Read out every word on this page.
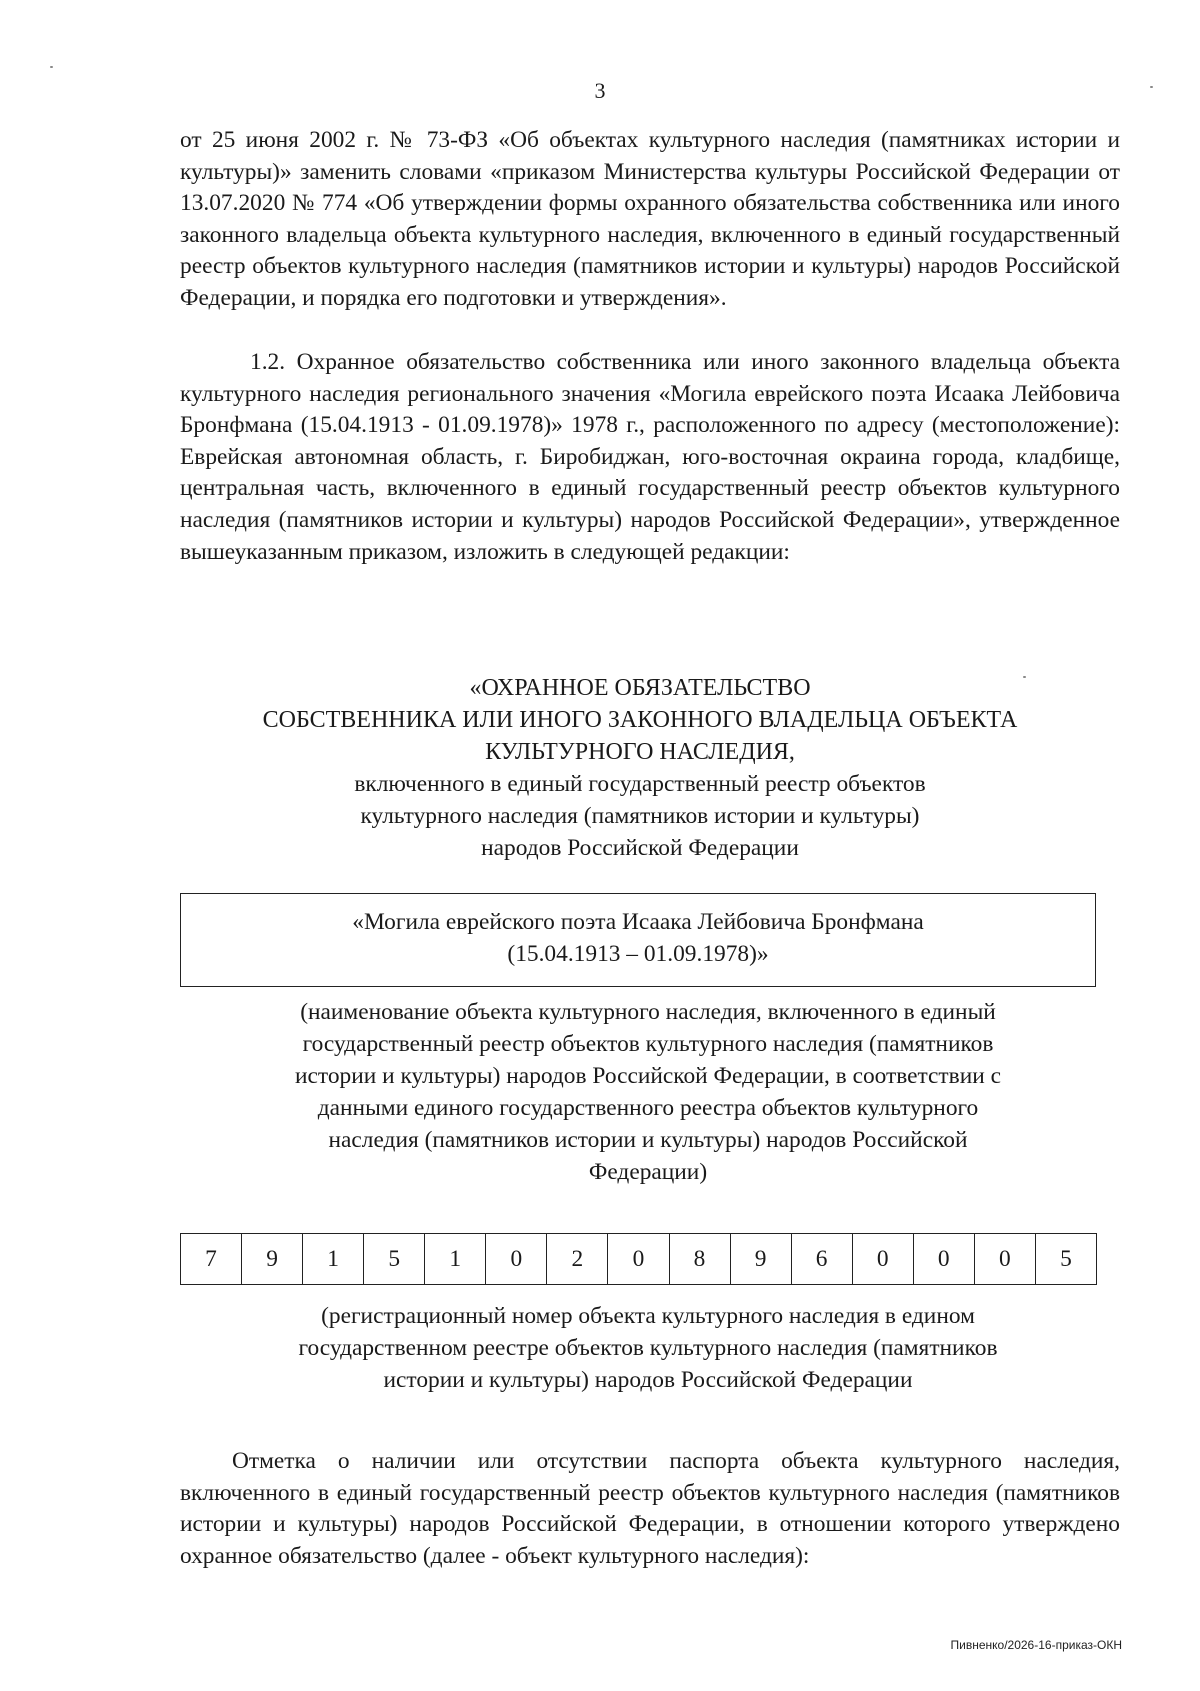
3

от 25 июня 2002 г. № 73-ФЗ «Об объектах культурного наследия (памятниках истории и культуры)» заменить словами «приказом Министерства культуры Российской Федерации от 13.07.2020 № 774 «Об утверждении формы охранного обязательства собственника или иного законного владельца объекта культурного наследия, включенного в единый государственный реестр объектов культурного наследия (памятников истории и культуры) народов Российской Федерации, и порядка его подготовки и утверждения».

1.2. Охранное обязательство собственника или иного законного владельца объекта культурного наследия регионального значения «Могила еврейского поэта Исаака Лейбовича Бронфмана (15.04.1913 - 01.09.1978)» 1978 г., расположенного по адресу (местоположение): Еврейская автономная область, г. Биробиджан, юго-восточная окраина города, кладбище, центральная часть, включенного в единый государственный реестр объектов культурного наследия (памятников истории и культуры) народов Российской Федерации», утвержденное вышеуказанным приказом, изложить в следующей редакции:

«ОХРАННОЕ ОБЯЗАТЕЛЬСТВО
СОБСТВЕННИКА ИЛИ ИНОГО ЗАКОННОГО ВЛАДЕЛЬЦА ОБЪЕКТА
КУЛЬТУРНОГО НАСЛЕДИЯ,
включенного в единый государственный реестр объектов
культурного наследия (памятников истории и культуры)
народов Российской Федерации
«Могила еврейского поэта Исаака Лейбовича Бронфмана
(15.04.1913 – 01.09.1978)»
(наименование объекта культурного наследия, включенного в единый
государственный реестр объектов культурного наследия (памятников
истории и культуры) народов Российской Федерации, в соответствии с
данными единого государственного реестра объектов культурного
наследия (памятников истории и культуры) народов Российской
Федерации)
7	9	1	5	1	0	2	0	8	9	6	0	0	0	5
(регистрационный номер объекта культурного наследия в едином
государственном реестре объектов культурного наследия (памятников
истории и культуры) народов Российской Федерации

Отметка о наличии или отсутствии паспорта объекта культурного наследия, включенного в единый государственный реестр объектов культурного наследия (памятников истории и культуры) народов Российской Федерации, в отношении которого утверждено охранное обязательство (далее - объект культурного наследия):

Пивненко/2026-16-приказ-ОКН
